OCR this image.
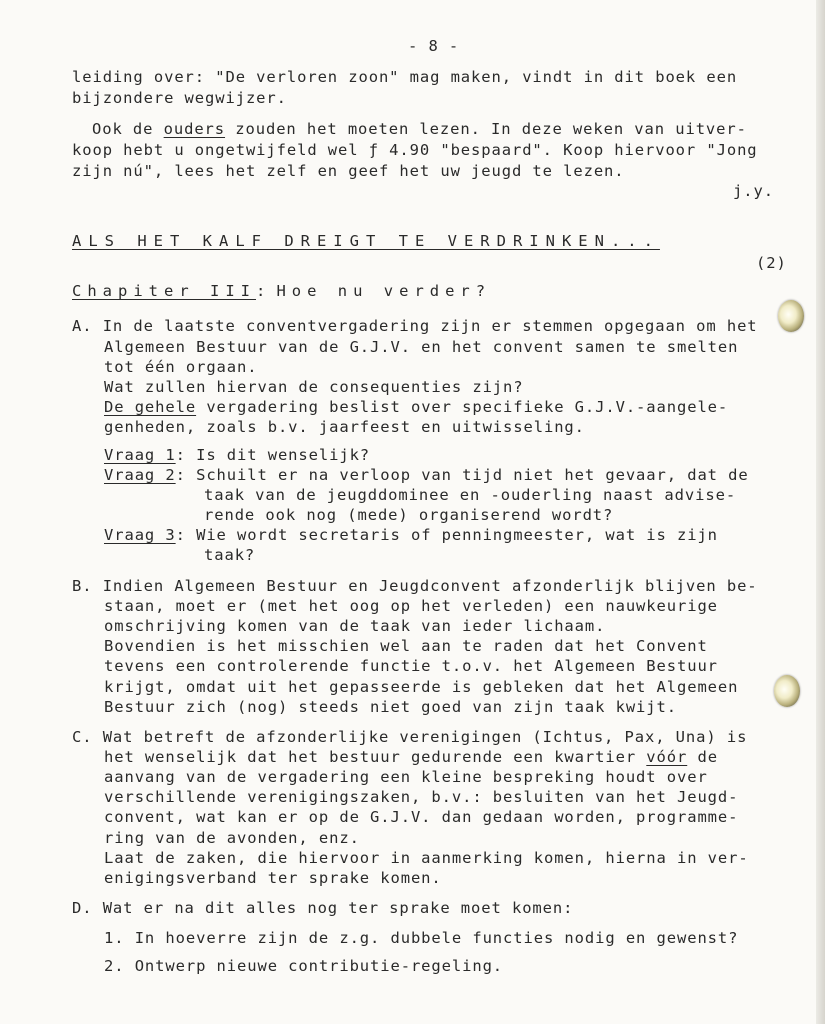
- 8 -
leiding over: "De verloren zoon" mag maken, vindt in dit boek een
bijzondere wegwijzer.
Ook de ouders zouden het moeten lezen. In deze weken van uitver-
koop hebt u ongetwijfeld wel ƒ 4.90 "bespaard". Koop hiervoor "Jong
zijn nú", lees het zelf en geef het uw jeugd te lezen.
j.y.
ALS HET KALF DREIGT TE VERDRINKEN...
(2)
Chapiter III: Hoe nu verder?
A. In de laatste conventvergadering zijn er stemmen opgegaan om het
Algemeen Bestuur van de G.J.V. en het convent samen te smelten
tot één orgaan.
Wat zullen hiervan de consequenties zijn?
De gehele vergadering beslist over specifieke G.J.V.-aangele-
genheden, zoals b.v. jaarfeest en uitwisseling.
Vraag 1: Is dit wenselijk?
Vraag 2: Schuilt er na verloop van tijd niet het gevaar, dat de
taak van de jeugddominee en -ouderling naast advise-
rende ook nog (mede) organiserend wordt?
Vraag 3: Wie wordt secretaris of penningmeester, wat is zijn
taak?
B. Indien Algemeen Bestuur en Jeugdconvent afzonderlijk blijven be-
staan, moet er (met het oog op het verleden) een nauwkeurige
omschrijving komen van de taak van ieder lichaam.
Bovendien is het misschien wel aan te raden dat het Convent
tevens een controlerende functie t.o.v. het Algemeen Bestuur
krijgt, omdat uit het gepasseerde is gebleken dat het Algemeen
Bestuur zich (nog) steeds niet goed van zijn taak kwijt.
C. Wat betreft de afzonderlijke verenigingen (Ichtus, Pax, Una) is
het wenselijk dat het bestuur gedurende een kwartier vóór de
aanvang van de vergadering een kleine bespreking houdt over
verschillende verenigingszaken, b.v.: besluiten van het Jeugd-
convent, wat kan er op de G.J.V. dan gedaan worden, programme-
ring van de avonden, enz.
Laat de zaken, die hiervoor in aanmerking komen, hierna in ver-
enigingsverband ter sprake komen.
D. Wat er na dit alles nog ter sprake moet komen:
1. In hoeverre zijn de z.g. dubbele functies nodig en gewenst?
2. Ontwerp nieuwe contributie-regeling.
